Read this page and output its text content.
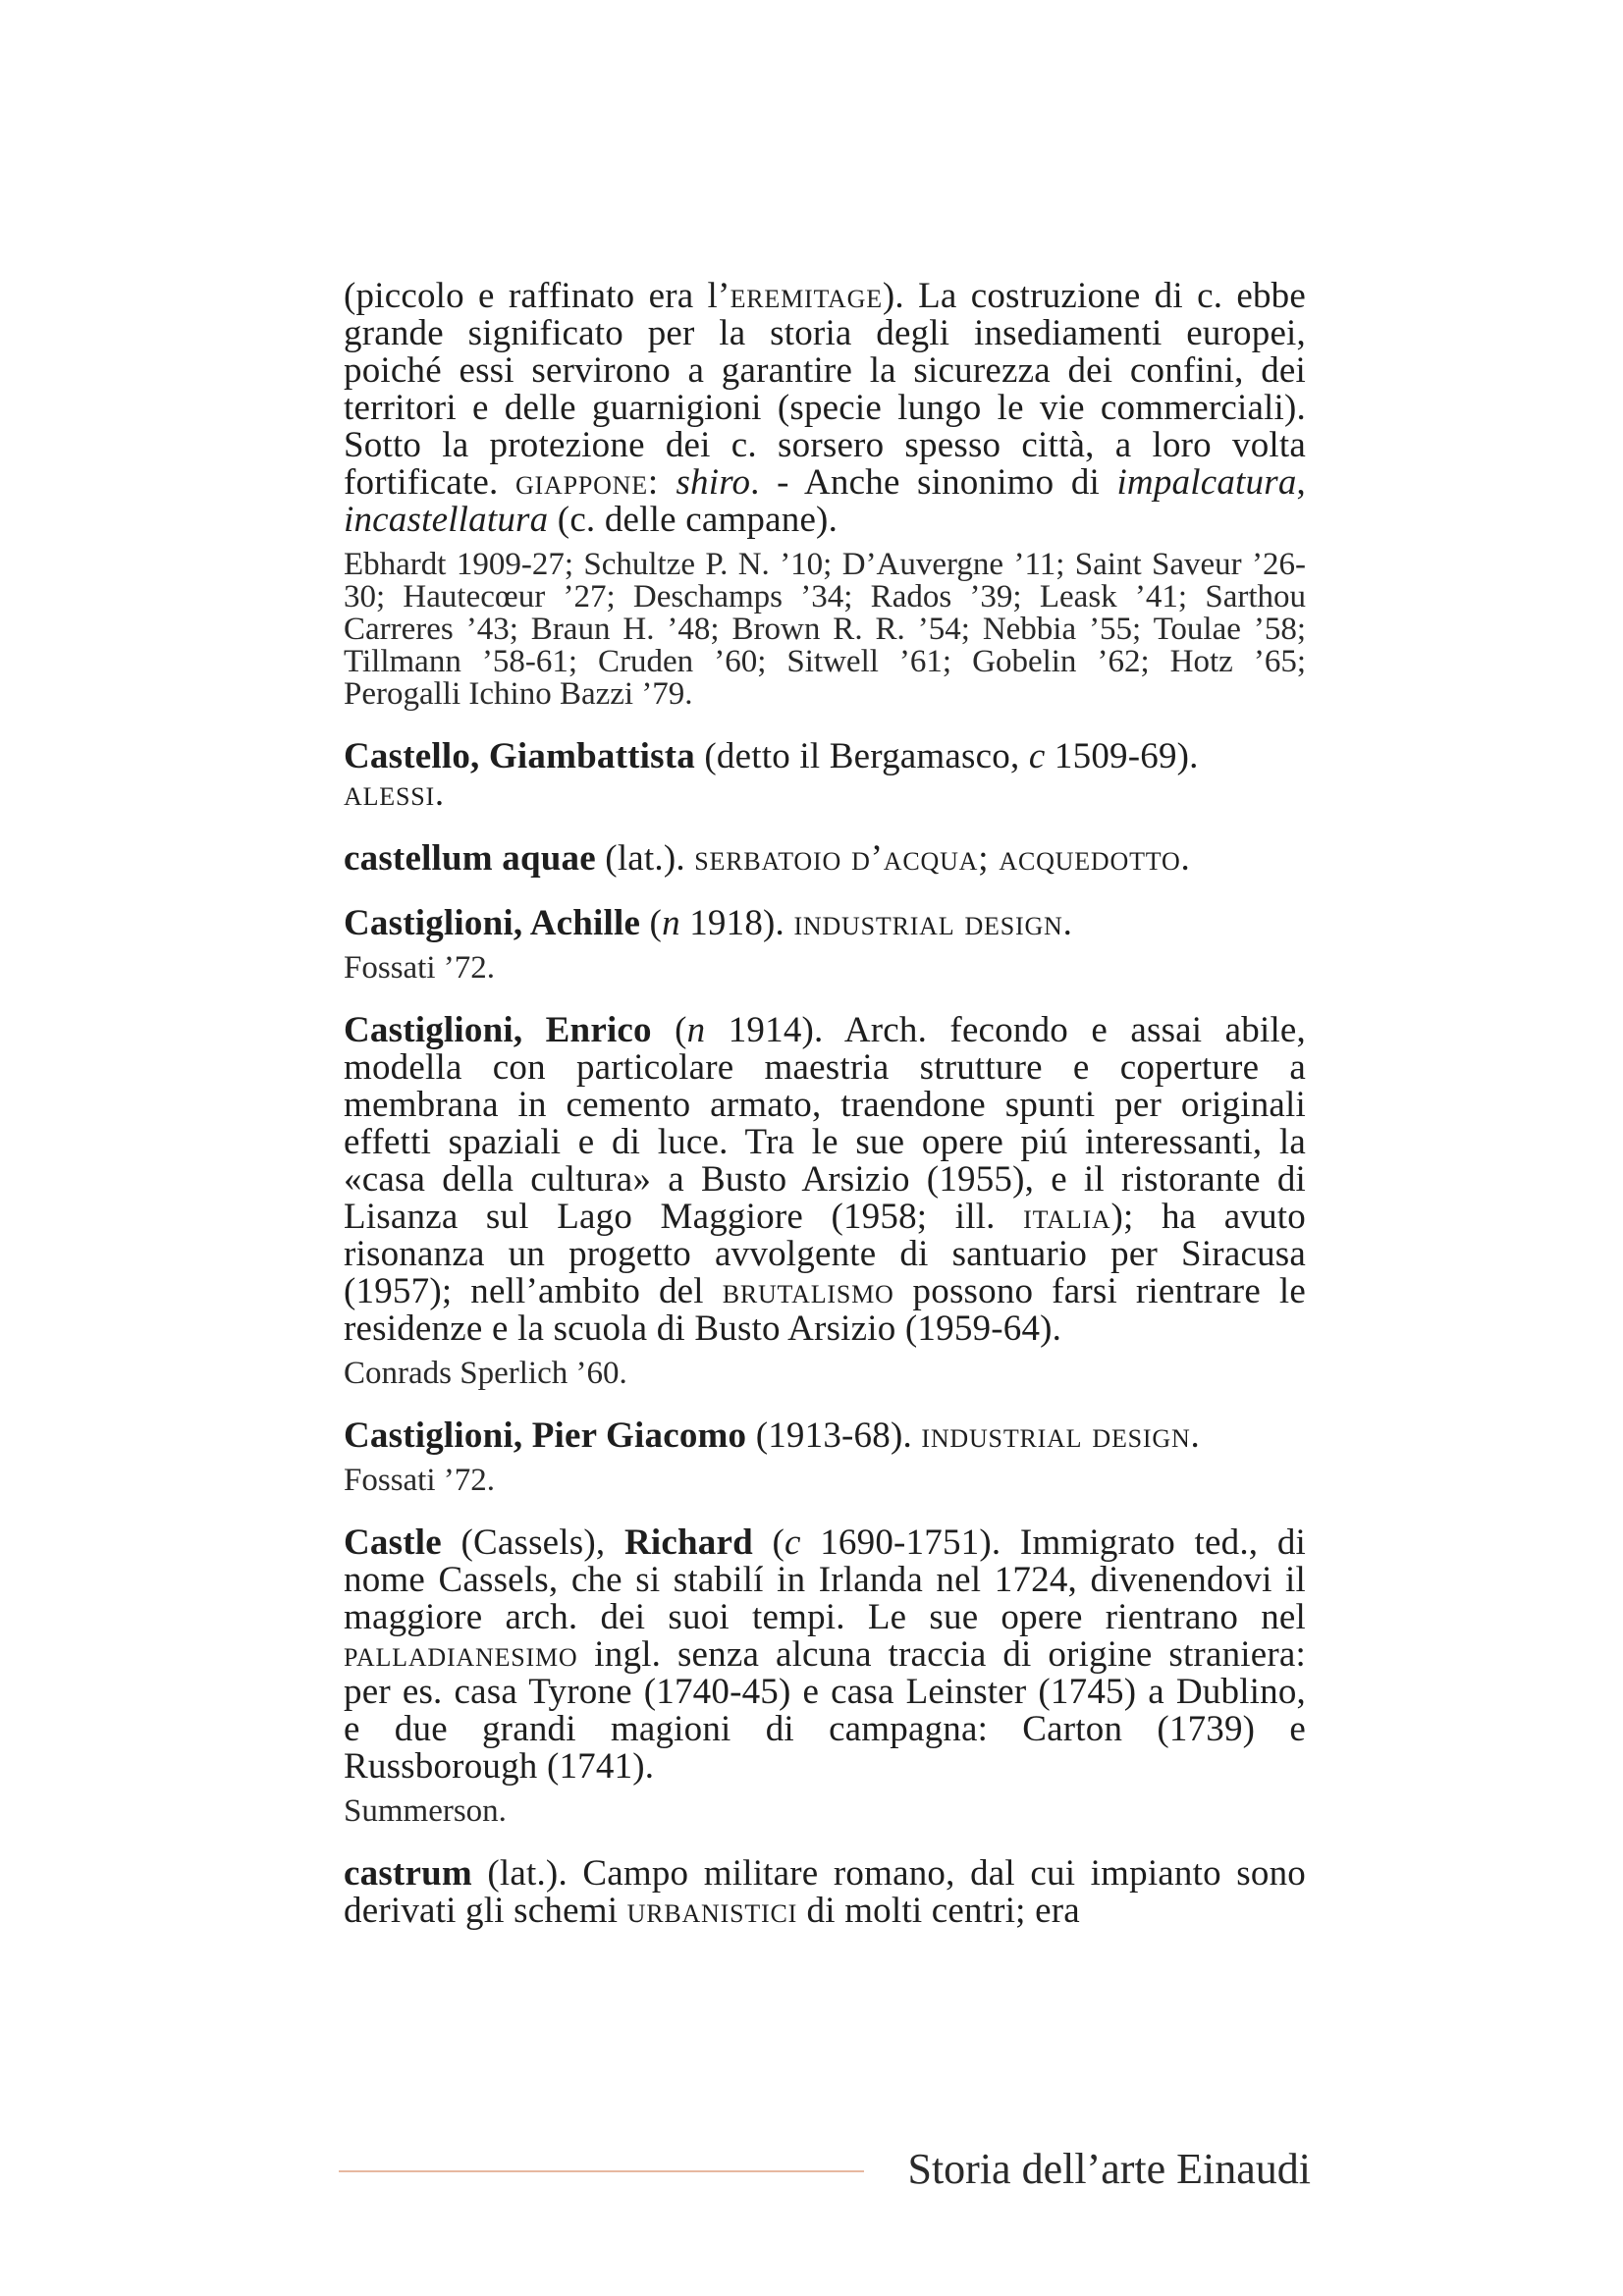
(piccolo e raffinato era l’eremitage). La costruzione di c. ebbe grande significato per la storia degli insediamenti europei, poiché essi servirono a garantire la sicurezza dei confini, dei territori e delle guarnigioni (specie lungo le vie commerciali). Sotto la protezione dei c. sorsero spesso città, a loro volta fortificate. giappone: shiro. - Anche sinonimo di impalcatura, incastellatura (c. delle campane).

Ebhardt 1909-27; Schultze P. N. ’10; D’Auvergne ’11; Saint Saveur ’26-30; Hautecœur ’27; Deschamps ’34; Rados ’39; Leask ’41; Sarthou Carreres ’43; Braun H. ’48; Brown R. R. ’54; Nebbia ’55; Toulae ’58; Tillmann ’58-61; Cruden ’60; Sitwell ’61; Gobelin ’62; Hotz ’65; Perogalli Ichino Bazzi ’79.

Castello, Giambattista (detto il Bergamasco, c 1509-69).
alessi.

castellum aquae (lat.). serbatoio d’acqua; acquedotto.

Castiglioni, Achille (n 1918). industrial design.

Fossati ’72.

Castiglioni, Enrico (n 1914). Arch. fecondo e assai abile, modella con particolare maestria strutture e coperture a membrana in cemento armato, traendone spunti per originali effetti spaziali e di luce. Tra le sue opere piú interessanti, la «casa della cultura» a Busto Arsizio (1955), e il ristorante di Lisanza sul Lago Maggiore (1958; ill. italia); ha avuto risonanza un progetto avvolgente di santuario per Siracusa (1957); nell’ambito del brutalismo possono farsi rientrare le residenze e la scuola di Busto Arsizio (1959-64).

Conrads Sperlich ’60.

Castiglioni, Pier Giacomo (1913-68). industrial design.

Fossati ’72.

Castle (Cassels), Richard (c 1690-1751). Immigrato ted., di nome Cassels, che si stabilí in Irlanda nel 1724, divenendovi il maggiore arch. dei suoi tempi. Le sue opere rientrano nel palladianesimo ingl. senza alcuna traccia di origine straniera: per es. casa Tyrone (1740-45) e casa Leinster (1745) a Dublino, e due grandi magioni di campagna: Carton (1739) e Russborough (1741).

Summerson.

castrum (lat.). Campo militare romano, dal cui impianto sono derivati gli schemi urbanistici di molti centri; era

Storia dell’arte Einaudi
